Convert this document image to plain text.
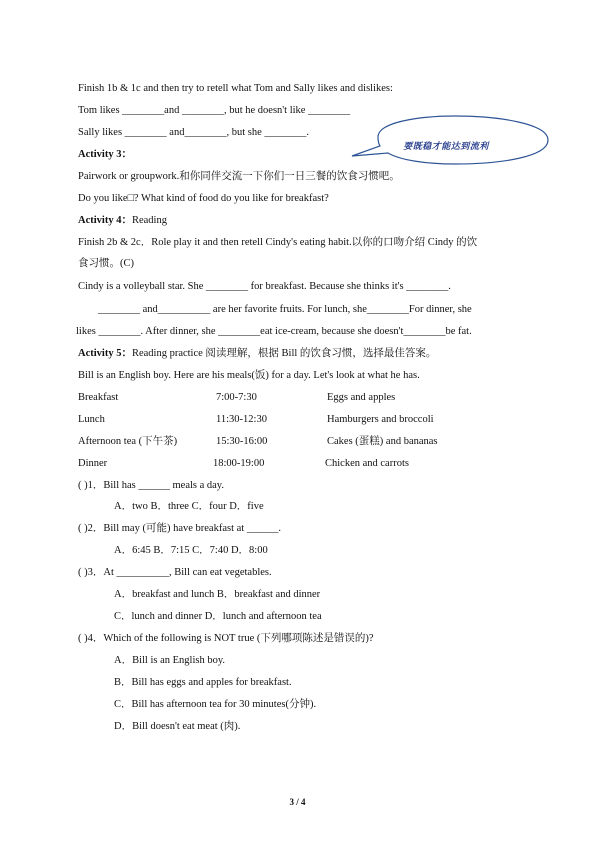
要既稳才能达到流利
Finish 1b & 1c and then try to retell what Tom and Sally likes and dislikes:
Tom likes ________and ________, but he doesn't like ________
Sally likes ________ and________, but she ________.
Activity 3：
Pairwork or groupwork.和你同伴交流一下你们一日三餐的饮食习惯吧。
Do you like□? What kind of food do you like for breakfast?
Activity 4：Reading
Finish 2b & 2c．Role play it and then retell Cindy's eating habit.以你的口吻介绍 Cindy 的饮
食习惯。(C)
Cindy is a volleyball star. She ________ for breakfast. Because she thinks it's ________.
________ and__________ are her favorite fruits. For lunch, she________For dinner, she
likes ________. After dinner, she ________eat ice-cream, because she doesn't________be fat.
Activity 5：Reading practice 阅读理解，根据 Bill 的饮食习惯，选择最佳答案。
Bill is an English boy. Here are his meals(饭) for a day. Let's look at what he has.
Breakfast	7:00-7:30	Eggs and apples
Lunch	11:30-12:30	Hamburgers and broccoli
Afternoon tea (下午茶)	15:30-16:00	Cakes (蛋糕) and bananas
Dinner	18:00-19:00	Chicken and carrots
( )1．Bill has ______ meals a day.
A．two B．three C．four D．five
( )2．Bill may (可能) have breakfast at ______.
A．6:45 B．7:15 C．7:40 D．8:00
( )3．At __________, Bill can eat vegetables.
A．breakfast and lunch B．breakfast and dinner
C．lunch and dinner D．lunch and afternoon tea
( )4．Which of the following is NOT true (下列哪项陈述是错误的)?
A．Bill is an English boy.
B．Bill has eggs and apples for breakfast.
C．Bill has afternoon tea for 30 minutes(分钟).
D．Bill doesn't eat meat (肉).
3 / 4
